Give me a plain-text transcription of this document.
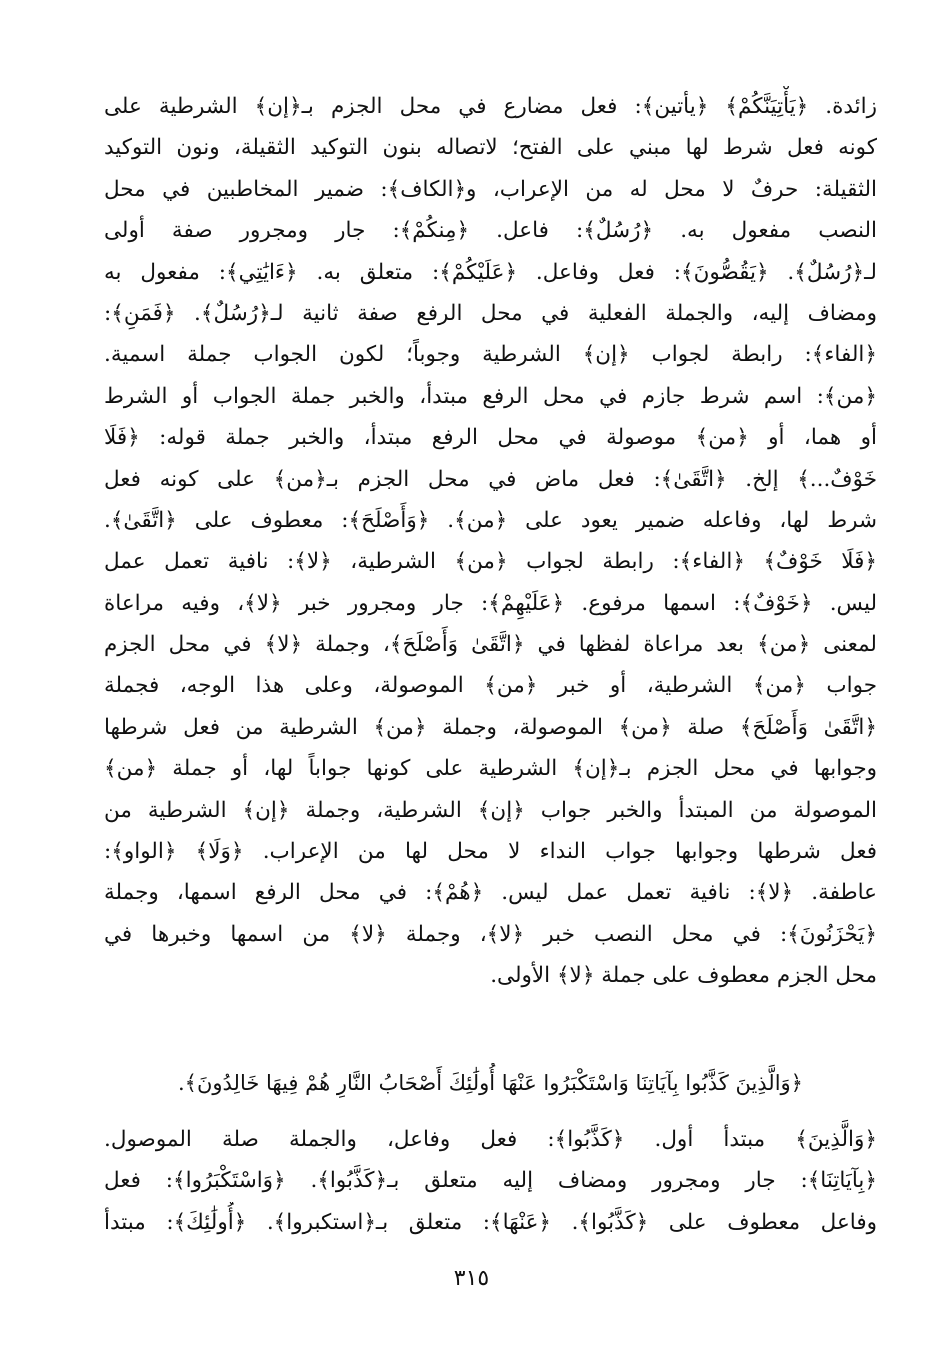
زائدة. ﴿يَأْتِيَنَّكُمْ﴾ ﴿يأتين﴾: فعل مضارع في محل الجزم بـ﴿إن﴾ الشرطية على
كونه فعل شرط لها مبني على الفتح؛ لاتصاله بنون التوكيد الثقيلة، ونون التوكيد
الثقيلة: حرفٌ لا محل له من الإعراب، و﴿الكاف﴾: ضمير المخاطبين في محل
النصب مفعول به. ﴿رُسُلٌ﴾: فاعل. ﴿مِنكُمْ﴾: جار ومجرور صفة أولى
لـ﴿رُسُلٌ﴾. ﴿يَقُصُّونَ﴾: فعل وفاعل. ﴿عَلَيْكُمْ﴾: متعلق به. ﴿ءَايَٰتِي﴾: مفعول به
ومضاف إليه، والجملة الفعلية في محل الرفع صفة ثانية لـ﴿رُسُلٌ﴾. ﴿فَمَنِ﴾:
﴿الفاء﴾: رابطة لجواب ﴿إن﴾ الشرطية وجوباً؛ لكون الجواب جملة اسمية.
﴿من﴾: اسم شرط جازم في محل الرفع مبتدأ، والخبر جملة الجواب أو الشرط
أو هما، أو ﴿من﴾ موصولة في محل الرفع مبتدأ، والخبر جملة قوله: ﴿فَلَا
خَوْفٌ...﴾ إلخ. ﴿اتَّقَىٰ﴾: فعل ماض في محل الجزم بـ﴿من﴾ على كونه فعل
شرط لها، وفاعله ضمير يعود على ﴿من﴾. ﴿وَأَصْلَحَ﴾: معطوف على ﴿اتَّقَىٰ﴾.
﴿فَلَا خَوْفٌ﴾ ﴿الفاء﴾: رابطة لجواب ﴿من﴾ الشرطية، ﴿لا﴾: نافية تعمل عمل
ليس. ﴿خَوْفٌ﴾: اسمها مرفوع. ﴿عَلَيْهِمْ﴾: جار ومجرور خبر ﴿لا﴾، وفيه مراعاة
لمعنى ﴿من﴾ بعد مراعاة لفظها في ﴿اتَّقَىٰ وَأَصْلَحَ﴾، وجملة ﴿لا﴾ في محل الجزم
جواب ﴿من﴾ الشرطية، أو خبر ﴿من﴾ الموصولة، وعلى هذا الوجه، فجملة
﴿اتَّقَىٰ وَأَصْلَحَ﴾ صلة ﴿من﴾ الموصولة، وجملة ﴿من﴾ الشرطية من فعل شرطها
وجوابها في محل الجزم بـ﴿إن﴾ الشرطية على كونها جواباً لها، أو جملة ﴿من﴾
الموصولة من المبتدأ والخبر جواب ﴿إن﴾ الشرطية، وجملة ﴿إن﴾ الشرطية من
فعل شرطها وجوابها جواب النداء لا محل لها من الإعراب. ﴿وَلَا﴾ ﴿الواو﴾:
عاطفة. ﴿لا﴾: نافية تعمل عمل ليس. ﴿هُمْ﴾: في محل الرفع اسمها، وجملة
﴿يَحْزَنُونَ﴾: في محل النصب خبر ﴿لا﴾، وجملة ﴿لا﴾ من اسمها وخبرها في
محل الجزم معطوف على جملة ﴿لا﴾ الأولى.
﴿وَالَّذِينَ كَذَّبُوا بِآيَاتِنَا وَاسْتَكْبَرُوا عَنْهَا أُولَٰئِكَ أَصْحَابُ النَّارِ هُمْ فِيهَا خَالِدُونَ﴾.
﴿وَالَّذِينَ﴾ مبتدأ أول. ﴿كَذَّبُوا﴾: فعل وفاعل، والجملة صلة الموصول.
﴿بِآيَاتِنَا﴾: جار ومجرور ومضاف إليه متعلق بـ﴿كَذَّبُوا﴾. ﴿وَاسْتَكْبَرُوا﴾: فعل
وفاعل معطوف على ﴿كَذَّبُوا﴾. ﴿عَنْهَا﴾: متعلق بـ﴿استكبروا﴾. ﴿أُولَٰئِكَ﴾: مبتدأ
٣١٥
